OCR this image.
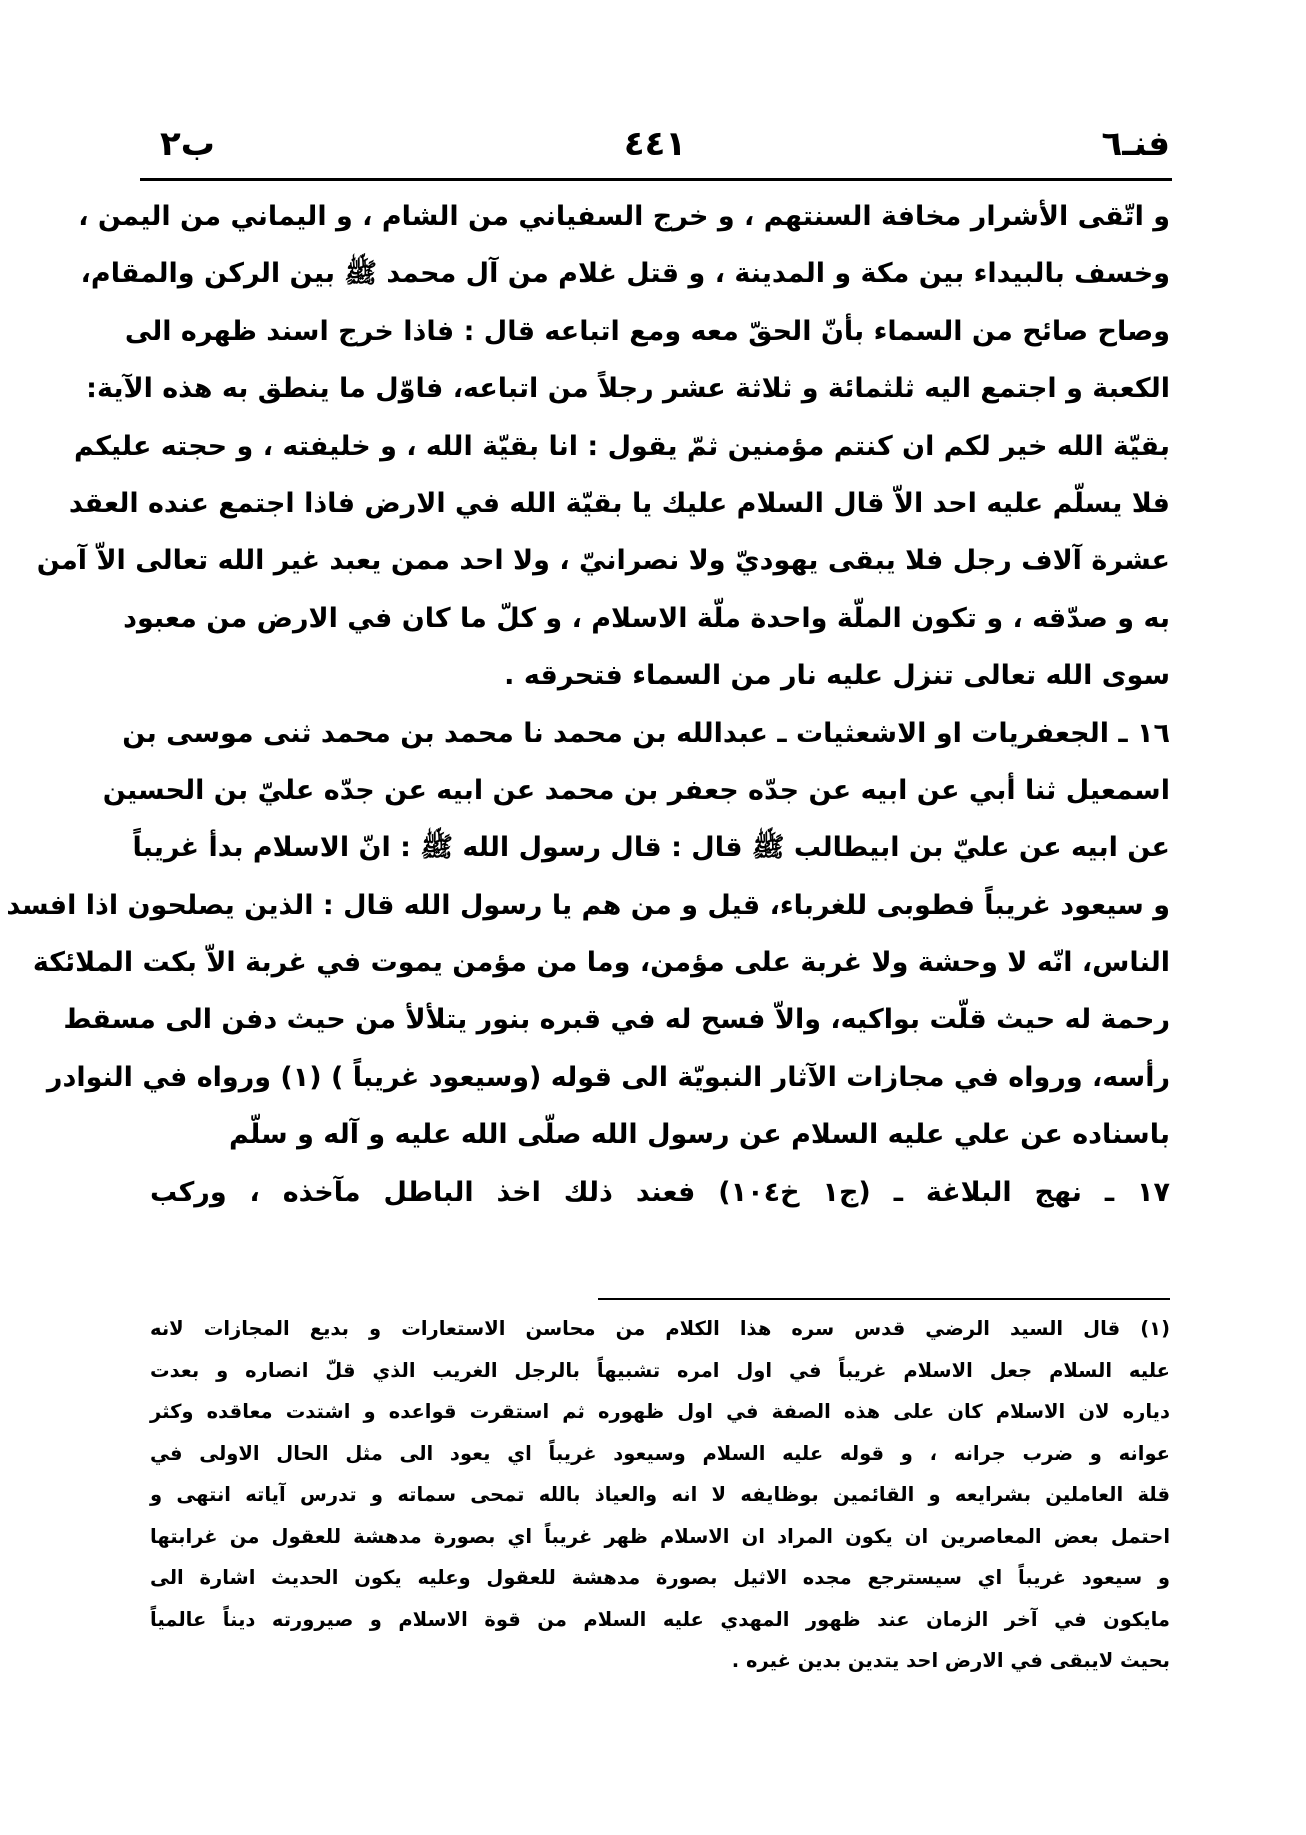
فنـ٦
٤٤١
ب٢
و اتّقى الأشرار مخافة السنتهم ، و خرج السفياني من الشام ، و اليماني من اليمن ،
وخسف بالبيداء بين مكة و المدينة ، و قتل غلام من آل محمد ﷺ بين الركن والمقام،
وصاح صائح من السماء بأنّ الحقّ معه ومع اتباعه قال : فاذا خرج اسند ظهره الى
الكعبة و اجتمع اليه ثلثمائة و ثلاثة عشر رجلاً من اتباعه، فاوّل ما ينطق به هذه الآية:
بقيّة الله خير لكم ان كنتم مؤمنين ثمّ يقول : انا بقيّة الله ، و خليفته ، و حجته عليكم
فلا يسلّم عليه احد الاّ قال السلام عليك يا بقيّة الله في الارض فاذا اجتمع عنده العقد
عشرة آلاف رجل فلا يبقى يهوديّ ولا نصرانيّ ، ولا احد ممن يعبد غير الله تعالى الاّ آمن
به و صدّقه ، و تكون الملّة واحدة ملّة الاسلام ، و كلّ ما كان في الارض من معبود
سوى الله تعالى تنزل عليه نار من السماء فتحرقه .
١٦ ـ الجعفريات او الاشعثيات ـ عبدالله بن محمد نا محمد بن محمد ثنى موسى بن
اسمعيل ثنا أبي عن ابيه عن جدّه جعفر بن محمد عن ابيه عن جدّه عليّ بن الحسين
عن ابيه عن عليّ بن ابيطالب ﷺ قال : قال رسول الله ﷺ : انّ الاسلام بدأ غريباً
و سيعود غريباً فطوبى للغرباء، قيل و من هم يا رسول الله قال : الذين يصلحون اذا افسد
الناس، انّه لا وحشة ولا غربة على مؤمن، وما من مؤمن يموت في غربة الاّ بكت الملائكة
رحمة له حيث قلّت بواكيه، والاّ فسح له في قبره بنور يتلألأ من حيث دفن الى مسقط
رأسه، ورواه في مجازات الآثار النبويّة الى قوله (وسيعود غريباً ) (١) ورواه في النوادر
باسناده عن علي عليه السلام عن رسول الله صلّى الله عليه و آله و سلّم
١٧ ـ نهج البلاغة ـ (ج١ خ١٠٤) فعند ذلك اخذ الباطل مآخذه ، وركب
(١) قال السيد الرضي قدس سره هذا الكلام من محاسن الاستعارات و بديع المجازات لانه
عليه السلام جعل الاسلام غريباً في اول امره تشبيهاً بالرجل الغريب الذي قلّ انصاره و بعدت
دياره لان الاسلام كان على هذه الصفة في اول ظهوره ثم استقرت قواعده و اشتدت معاقده وكثر
عوانه و ضرب جرانه ، و قوله عليه السلام وسيعود غريباً اي يعود الى مثل الحال الاولى في
قلة العاملين بشرايعه و القائمين بوظايفه لا انه والعياذ بالله تمحى سماته و تدرس آياته انتهى و
احتمل بعض المعاصرين ان يكون المراد ان الاسلام ظهر غريباً اي بصورة مدهشة للعقول من غرابتها
و سيعود غريباً اي سيسترجع مجده الاثيل بصورة مدهشة للعقول وعليه يكون الحديث اشارة الى
مايكون في آخر الزمان عند ظهور المهدي عليه السلام من قوة الاسلام و صيرورته ديناً عالمياً
بحيث لايبقى في الارض احد يتدين بدين غيره .
